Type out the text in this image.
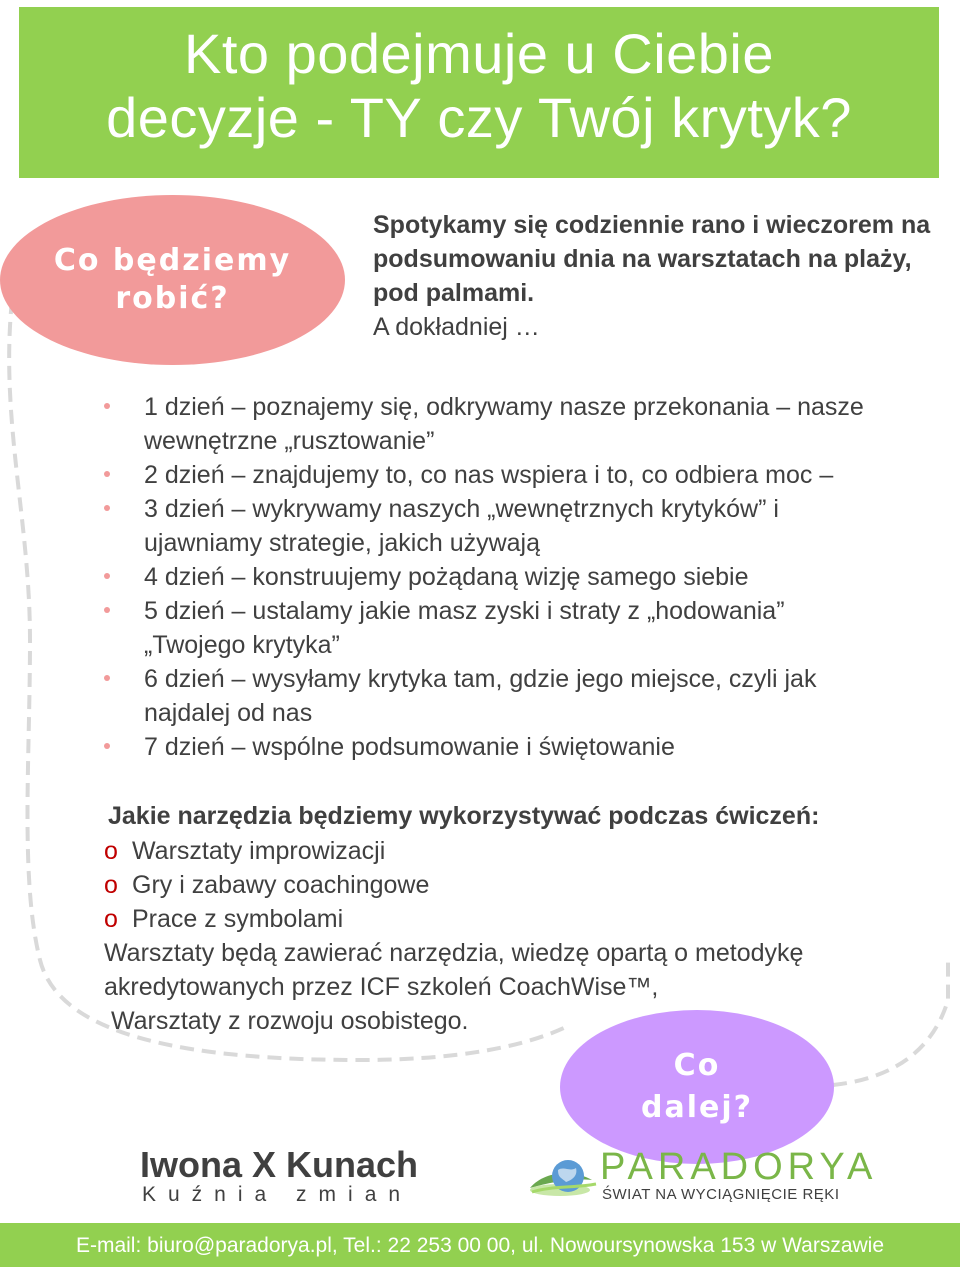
Kto podejmuje u Ciebie
decyzje - TY czy Twój krytyk?
Co będziemy
robić?
Spotykamy się codziennie rano i wieczorem na
podsumowaniu dnia na warsztatach na plaży,
pod palmami.
A dokładniej …
1 dzień – poznajemy się, odkrywamy nasze przekonania – nasze
wewnętrzne „rusztowanie”
2 dzień – znajdujemy to, co nas wspiera i to, co odbiera moc –
3 dzień – wykrywamy naszych „wewnętrznych krytyków” i
ujawniamy strategie, jakich używają
4 dzień – konstruujemy pożądaną wizję samego siebie
5 dzień – ustalamy jakie masz zyski i straty z „hodowania”
„Twojego krytyka”
6 dzień – wysyłamy krytyka tam, gdzie jego miejsce, czyli jak
najdalej od nas
7 dzień – wspólne podsumowanie i świętowanie
Jakie narzędzia będziemy wykorzystywać podczas ćwiczeń:
o Warsztaty improwizacji
o Gry i zabawy coachingowe
o Prace z symbolami
Warsztaty będą zawierać narzędzia, wiedzę opartą o metodykę
akredytowanych przez ICF szkoleń CoachWise™,
Warsztaty z rozwoju osobistego.
Co
dalej?
Iwona X Kunach
Kuźnia zmian
PARADORYA
ŚWIAT NA WYCIĄGNIĘCIE RĘKI
E-mail: biuro@paradorya.pl, Tel.: 22 253 00 00, ul. Nowoursynowska 153 w Warszawie
